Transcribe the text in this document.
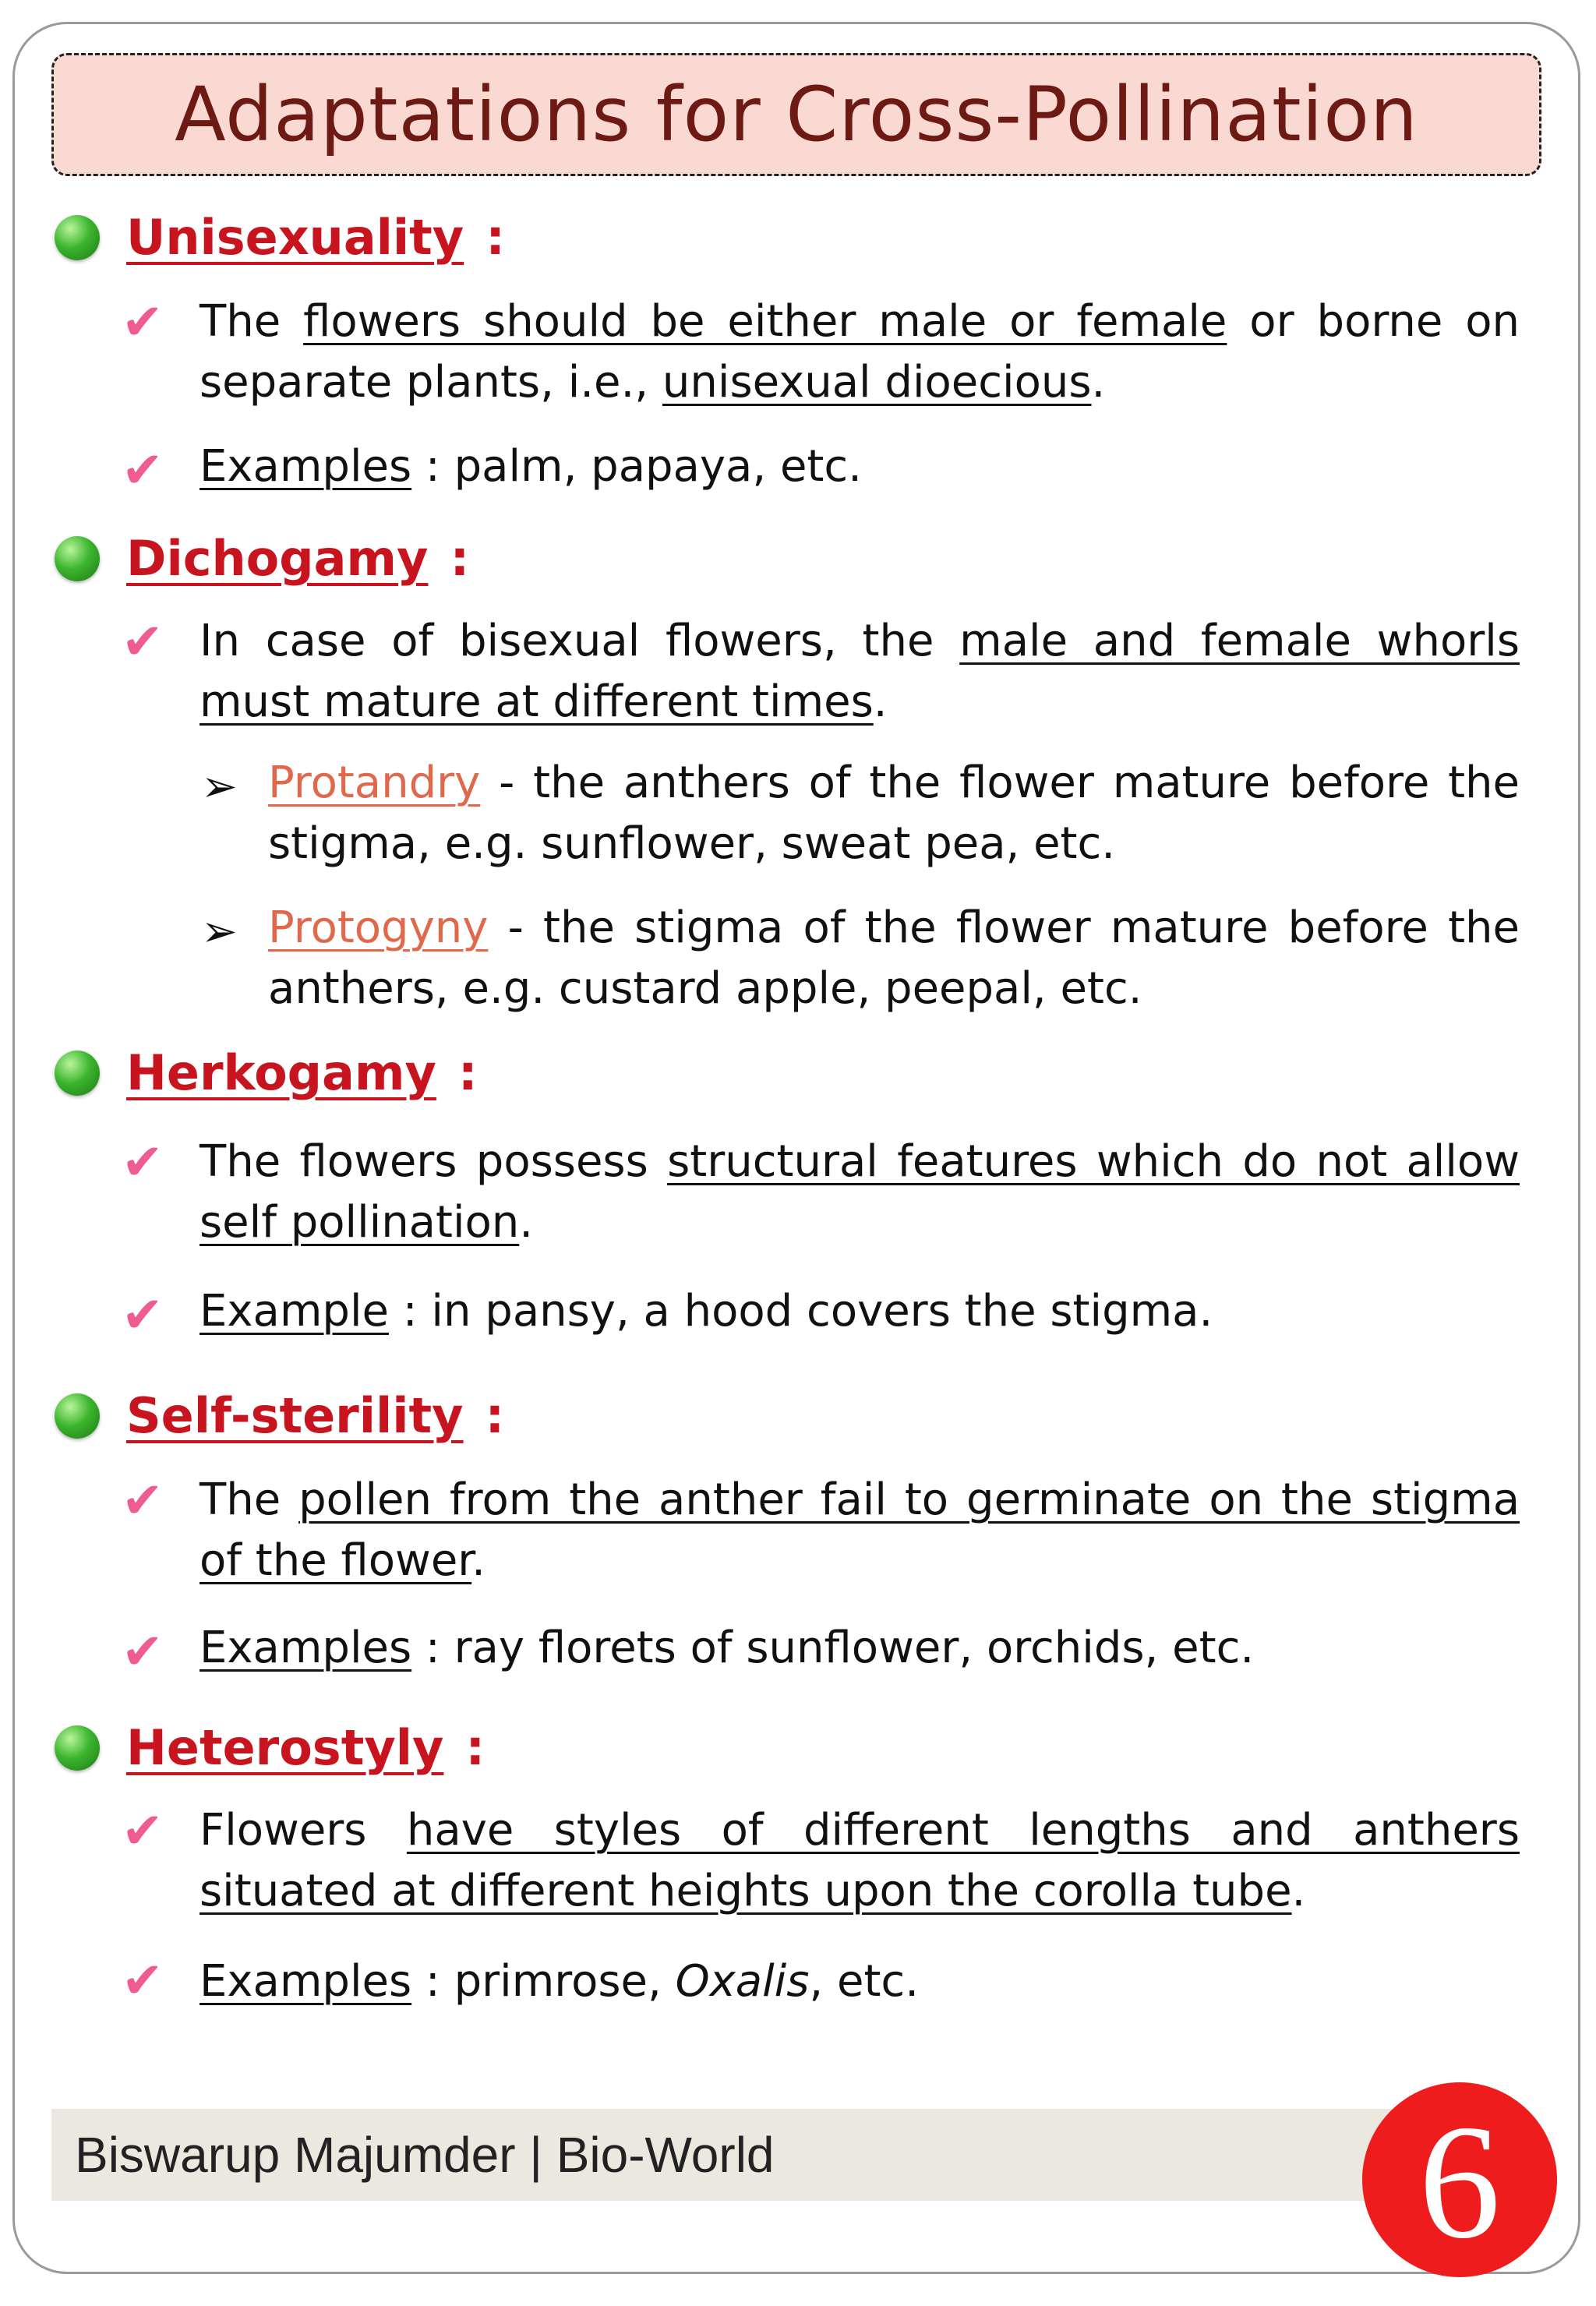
Adaptations for Cross-Pollination
Unisexuality :
✔ The flowers should be either male or female or borne on separate plants, i.e., unisexual dioecious.
✔ Examples : palm, papaya, etc.
Dichogamy :
✔ In case of bisexual flowers, the male and female whorls must mature at different times.
➢ Protandry - the anthers of the flower mature before the stigma, e.g. sunflower, sweat pea, etc.
➢ Protogyny - the stigma of the flower mature before the anthers, e.g. custard apple, peepal, etc.
Herkogamy :
✔ The flowers possess structural features which do not allow self pollination.
✔ Example : in pansy, a hood covers the stigma.
Self-sterility :
✔ The pollen from the anther fail to germinate on the stigma of the flower.
✔ Examples : ray florets of sunflower, orchids, etc.
Heterostyly :
✔ Flowers have styles of different lengths and anthers situated at different heights upon the corolla tube.
✔ Examples : primrose, Oxalis, etc.
Biswarup Majumder | Bio-World	6
